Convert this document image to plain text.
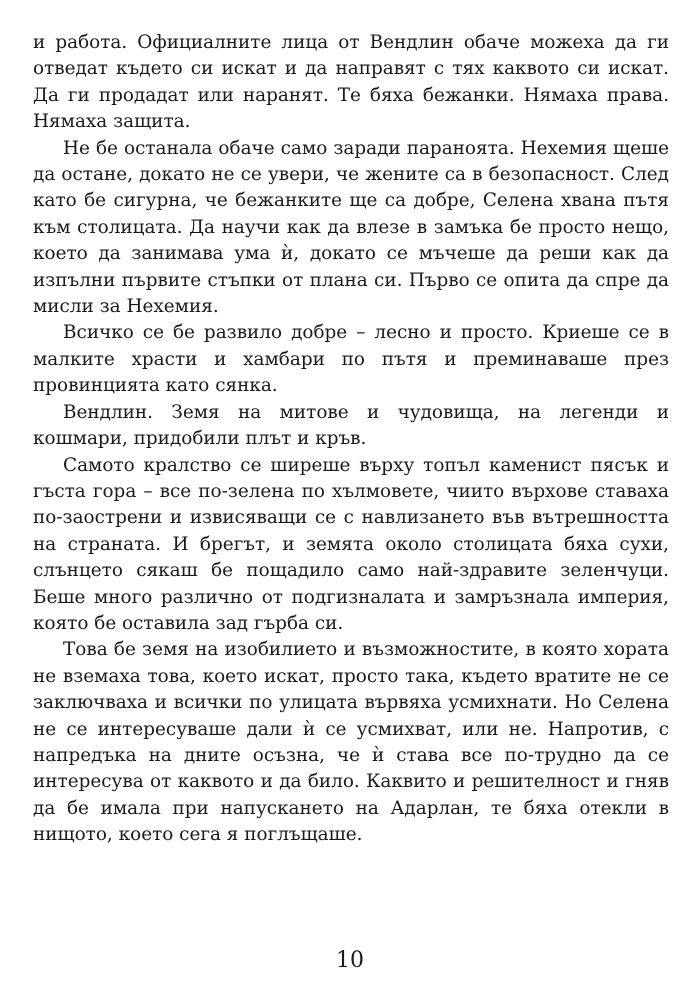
и работа. Официалните лица от Вендлин обаче можеха да ги отведат където си искат и да направят с тях каквото си искат. Да ги продадат или наранят. Те бяха бежанки. Нямаха права. Нямаха защита.

Не бе останала обаче само заради параноята. Нехемия щеше да остане, докато не се увери, че жените са в безопасност. След като бе сигурна, че бежанките ще са добре, Селена хвана пътя към столицата. Да научи как да влезе в замъка бе просто нещо, което да занимава ума ѝ, докато се мъчеше да реши как да изпълни първите стъпки от плана си. Първо се опита да спре да мисли за Нехемия.

Всичко се бе развило добре – лесно и просто. Криеше се в малките храсти и хамбари по пътя и преминаваше през провинцията като сянка.

Вендлин. Земя на митове и чудовища, на легенди и кошмари, придобили плът и кръв.

Самото кралство се ширеше върху топъл каменист пясък и гъста гора – все по-зелена по хълмовете, чиито върхове ставаха по-заострени и извисяващи се с навлизането във вътрешността на страната. И брегът, и земята около столицата бяха сухи, слънцето сякаш бе пощадило само най-здравите зеленчуци. Беше много различно от подгизналата и замръзнала империя, която бе оставила зад гърба си.

Това бе земя на изобилието и възможностите, в която хората не вземаха това, което искат, просто така, където вратите не се заключваха и всички по улицата вървяха усмихнати. Но Селена не се интересуваше дали ѝ се усмихват, или не. Напротив, с напредъка на дните осъзна, че ѝ става все по-трудно да се интересува от каквото и да било. Каквито и решителност и гняв да бе имала при напускането на Адарлан, те бяха отекли в нищото, което сега я поглъщаше.

10
